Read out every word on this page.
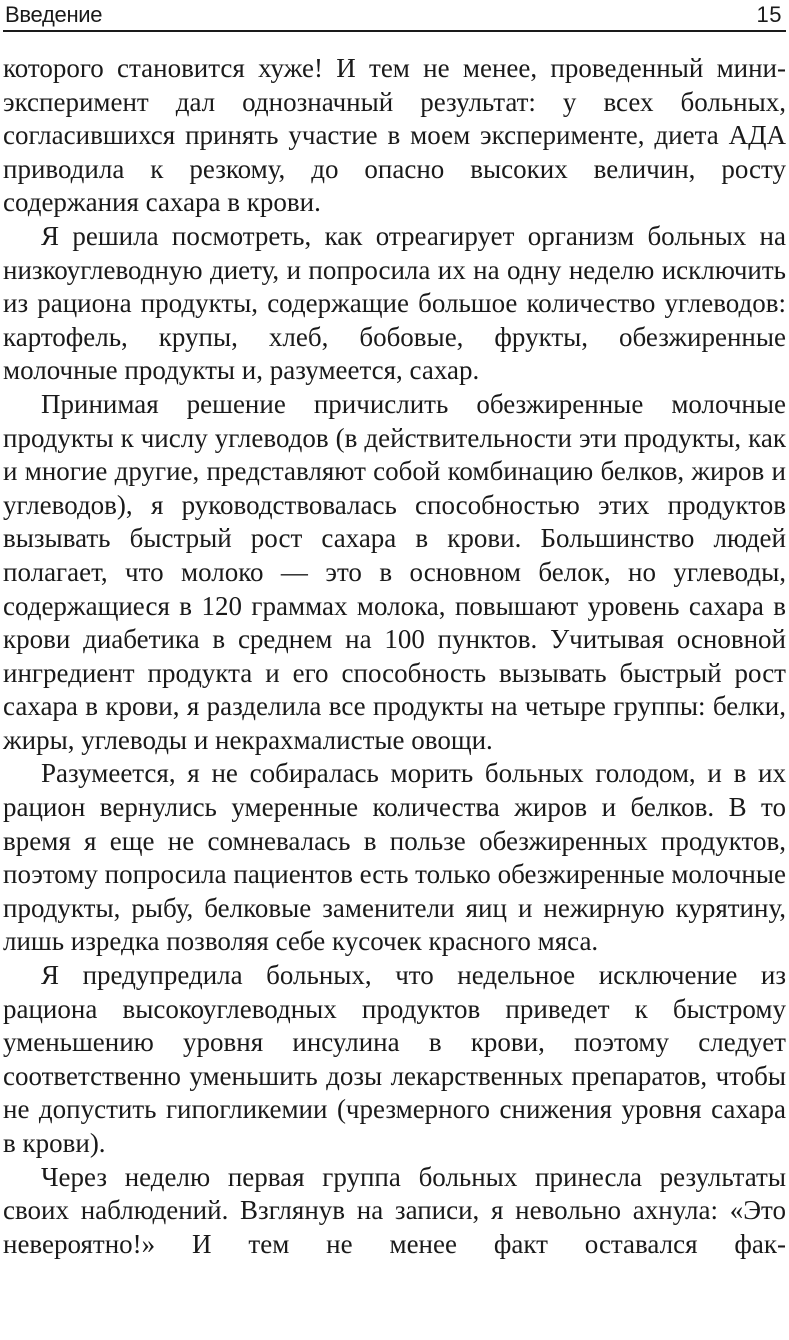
Введение	15

которого становится хуже! И тем не менее, проведенный мини-эксперимент дал однозначный результат: у всех больных, согласившихся принять участие в моем эксперименте, диета АДА приводила к резкому, до опасно высоких величин, росту содержания сахара в крови.

Я решила посмотреть, как отреагирует организм больных на низкоуглеводную диету, и попросила их на одну неделю исключить из рациона продукты, содержащие большое количество углеводов: картофель, крупы, хлеб, бобовые, фрукты, обезжиренные молочные продукты и, разумеется, сахар.

Принимая решение причислить обезжиренные молочные продукты к числу углеводов (в действительности эти продукты, как и многие другие, представляют собой комбинацию белков, жиров и углеводов), я руководствовалась способностью этих продуктов вызывать быстрый рост сахара в крови. Большинство людей полагает, что молоко — это в основном белок, но углеводы, содержащиеся в 120 граммах молока, повышают уровень сахара в крови диабетика в среднем на 100 пунктов. Учитывая основной ингредиент продукта и его способность вызывать быстрый рост сахара в крови, я разделила все продукты на четыре группы: белки, жиры, углеводы и некрахмалистые овощи.

Разумеется, я не собиралась морить больных голодом, и в их рацион вернулись умеренные количества жиров и белков. В то время я еще не сомневалась в пользе обезжиренных продуктов, поэтому попросила пациентов есть только обезжиренные молочные продукты, рыбу, белковые заменители яиц и нежирную курятину, лишь изредка позволяя себе кусочек красного мяса.

Я предупредила больных, что недельное исключение из рациона высокоуглеводных продуктов приведет к быстрому уменьшению уровня инсулина в крови, поэтому следует соответственно уменьшить дозы лекарственных препаратов, чтобы не допустить гипогликемии (чрезмерного снижения уровня сахара в крови).

Через неделю первая группа больных принесла результаты своих наблюдений. Взглянув на записи, я невольно ахнула: «Это невероятно!» И тем не менее факт оставался фак-
